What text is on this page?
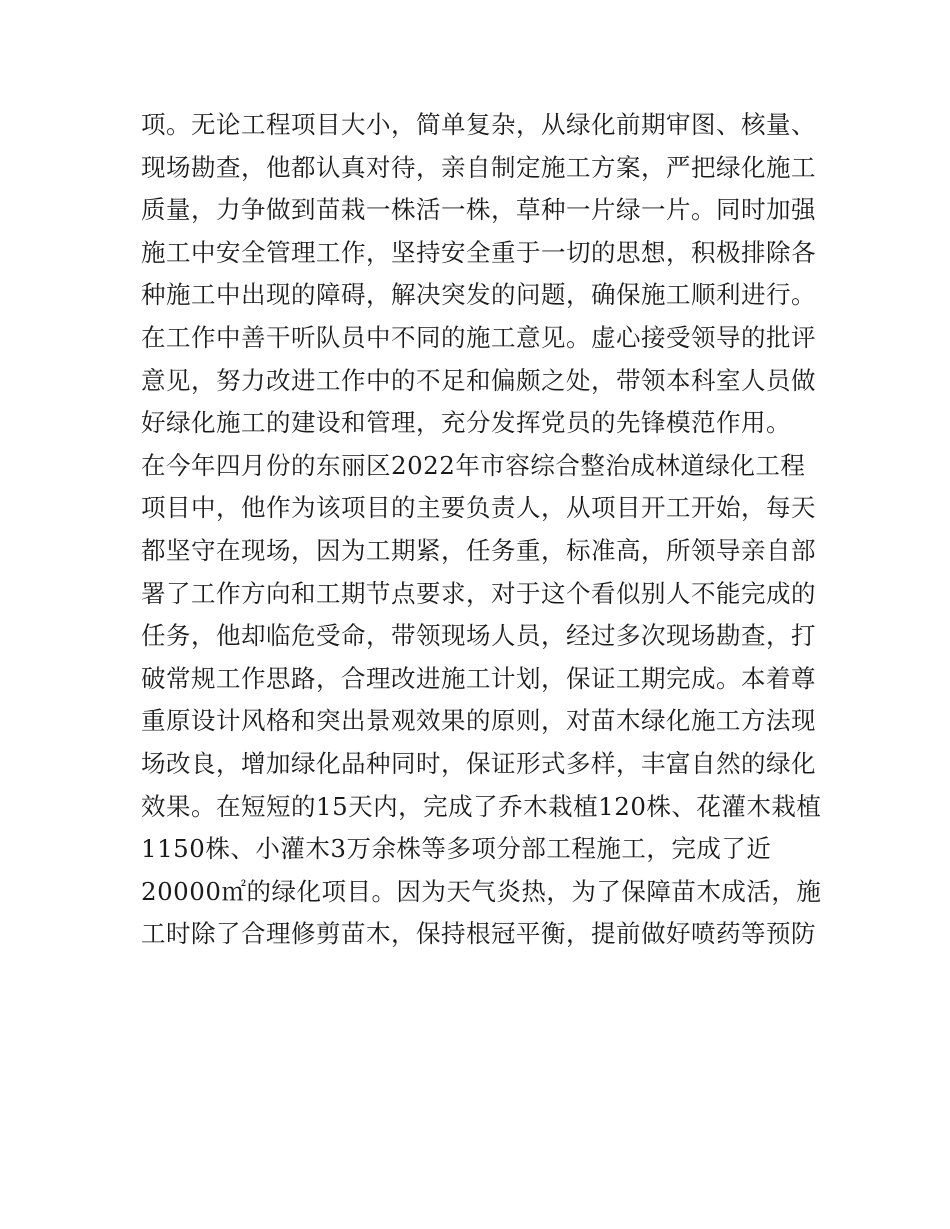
项。无论工程项目大小，简单复杂，从绿化前期审图、核量、
现场勘查，他都认真对待，亲自制定施工方案，严把绿化施工
质量，力争做到苗栽一株活一株，草种一片绿一片。同时加强
施工中安全管理工作，坚持安全重于一切的思想，积极排除各
种施工中出现的障碍，解决突发的问题，确保施工顺利进行。
在工作中善干听队员中不同的施工意见。虚心接受领导的批评
意见，努力改进工作中的不足和偏颇之处，带领本科室人员做
好绿化施工的建设和管理，充分发挥党员的先锋模范作用。
在今年四月份的东丽区2022年市容综合整治成林道绿化工程
项目中，他作为该项目的主要负责人，从项目开工开始，每天
都坚守在现场，因为工期紧，任务重，标准高，所领导亲自部
署了工作方向和工期节点要求，对于这个看似别人不能完成的
任务，他却临危受命，带领现场人员，经过多次现场勘查，打
破常规工作思路，合理改进施工计划，保证工期完成。本着尊
重原设计风格和突出景观效果的原则，对苗木绿化施工方法现
场改良，增加绿化品种同时，保证形式多样，丰富自然的绿化
效果。在短短的15天内，完成了乔木栽植120株、花灌木栽植
1150株、小灌木3万余株等多项分部工程施工，完成了近
20000㎡的绿化项目。因为天气炎热，为了保障苗木成活，施
工时除了合理修剪苗木，保持根冠平衡，提前做好喷药等预防
